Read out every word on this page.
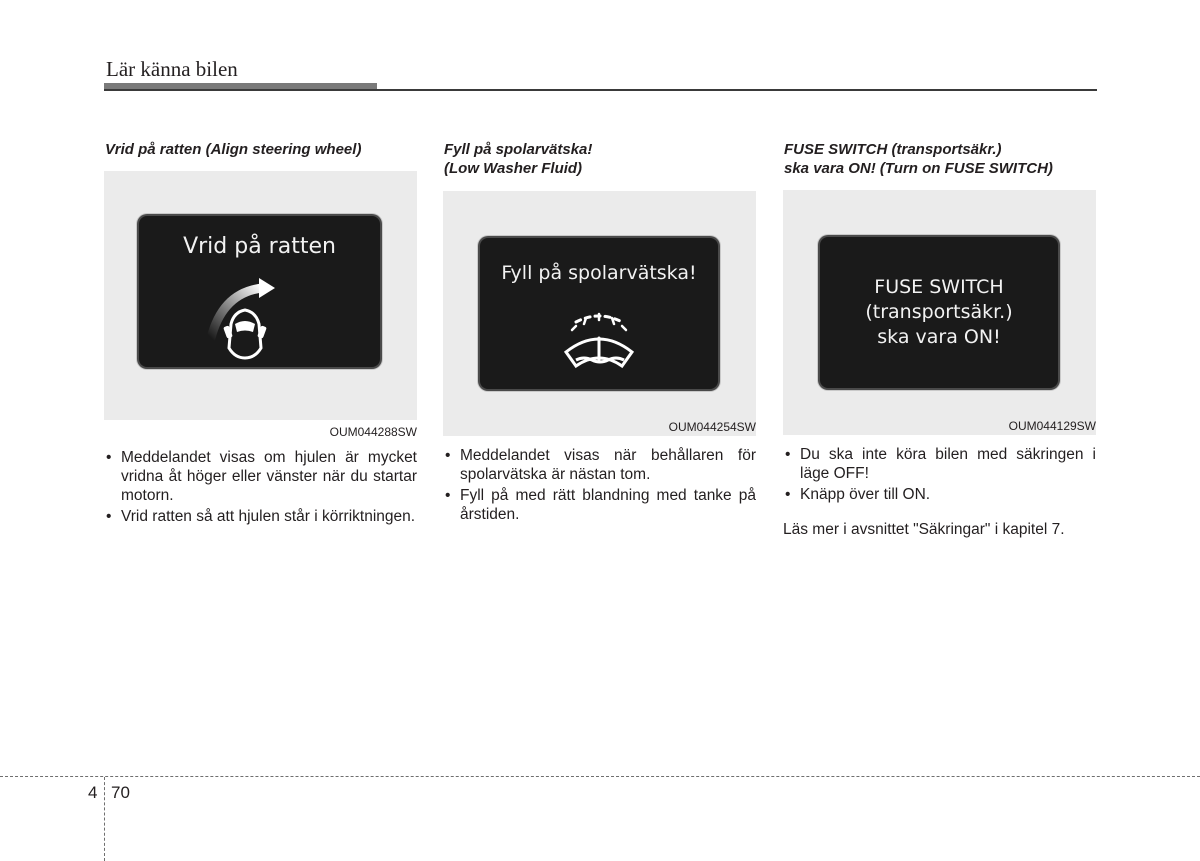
Lär känna bilen

Vrid på ratten (Align steering wheel)

Vrid på ratten
OUM044288SW
• Meddelandet visas om hjulen är mycket vridna åt höger eller vänster när du startar motorn.
• Vrid ratten så att hjulen står i körriktningen.

Fyll på spolarvätska!
(Low Washer Fluid)

Fyll på spolarvätska!
OUM044254SW
• Meddelandet visas när behållaren för spolarvätska är nästan tom.
• Fyll på med rätt blandning med tanke på årstiden.

FUSE SWITCH (transportsäkr.)
ska vara ON! (Turn on FUSE SWITCH)

FUSE SWITCH
(transportsäkr.)
ska vara ON!
OUM044129SW
• Du ska inte köra bilen med säkringen i läge OFF!
• Knäpp över till ON.
Läs mer i avsnittet "Säkringar" i kapitel 7.
4 70
